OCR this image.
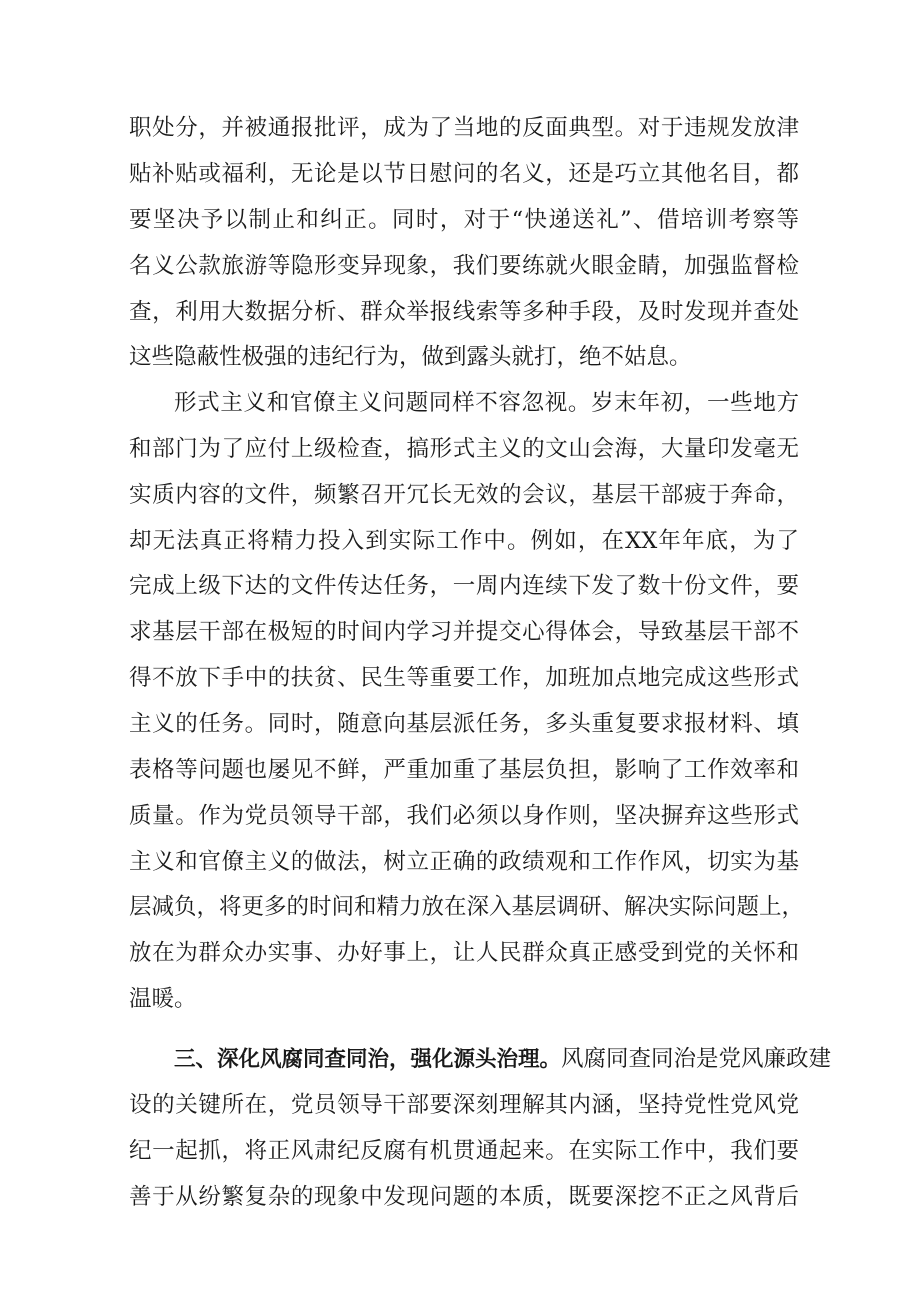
职处分，并被通报批评，成为了当地的反面典型。对于违规发放津
贴补贴或福利，无论是以节日慰问的名义，还是巧立其他名目，都
要坚决予以制止和纠正。同时，对于“快递送礼”、借培训考察等
名义公款旅游等隐形变异现象，我们要练就火眼金睛，加强监督检
查，利用大数据分析、群众举报线索等多种手段，及时发现并查处
这些隐蔽性极强的违纪行为，做到露头就打，绝不姑息。
形式主义和官僚主义问题同样不容忽视。岁末年初，一些地方
和部门为了应付上级检查，搞形式主义的文山会海，大量印发毫无
实质内容的文件，频繁召开冗长无效的会议，基层干部疲于奔命，
却无法真正将精力投入到实际工作中。例如，在XX年年底，为了
完成上级下达的文件传达任务，一周内连续下发了数十份文件，要
求基层干部在极短的时间内学习并提交心得体会，导致基层干部不
得不放下手中的扶贫、民生等重要工作，加班加点地完成这些形式
主义的任务。同时，随意向基层派任务，多头重复要求报材料、填
表格等问题也屡见不鲜，严重加重了基层负担，影响了工作效率和
质量。作为党员领导干部，我们必须以身作则，坚决摒弃这些形式
主义和官僚主义的做法，树立正确的政绩观和工作作风，切实为基
层减负，将更多的时间和精力放在深入基层调研、解决实际问题上，
放在为群众办实事、办好事上，让人民群众真正感受到党的关怀和
温暖。
三、深化风腐同查同治，强化源头治理。风腐同查同治是党风廉政建
设的关键所在，党员领导干部要深刻理解其内涵，坚持党性党风党
纪一起抓，将正风肃纪反腐有机贯通起来。在实际工作中，我们要
善于从纷繁复杂的现象中发现问题的本质，既要深挖不正之风背后
